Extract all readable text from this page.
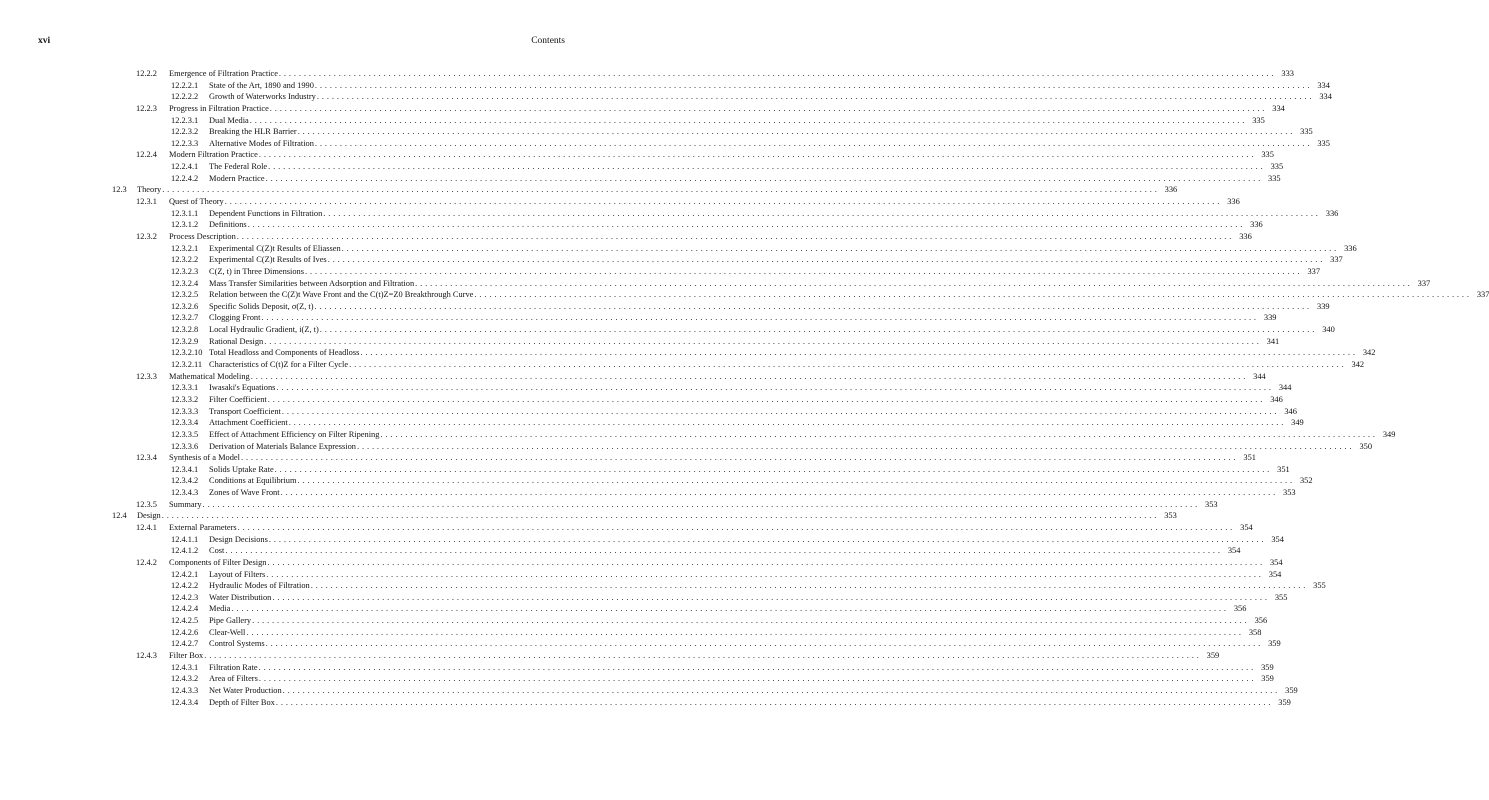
xvi	Contents
12.2.2 Emergence of Filtration Practice . . . . . . . . . . . . . . . . . . . . . . . . . . . . . . . . . . . . . . . . . . . . . . . . . . . . . . . . . . . . . . . . . . . . . . . . . . . . . . . . . . . . . . . . . . . . . . . . . . . . . . . . . . . . . . . . . . . . . . . . . . . . . . . . . . . . . . . . . . . . . . . . . . . . . . . . . . . . . . . . . . . . . . . . . . . . . . . . . . . . . . . . . . . . . . . . . . . . . . . . 333
12.2.2.1 State of the Art, 1890 and 1990 . . . . . . . . . . . . . . . . . . . . . . . . . . . . . . . . . . . . . . . . . . . . . . . . . . . . . . . . . . . . . . . . . . . . . . . . . . . . . . . . . . . . . . . . . . . . . . . . . . . . . . . . . . . . . . . . . . . . . . . . . . . . . . . . . . . . . . . . . . . . . . . . . . . . . . . . . . . . . . . . . . . . . . . . . . . . . . . . . . . . . . . . . . . . . . . . . . . . . . . . 334
12.2.2.2 Growth of Waterworks Industry . . . . . . . . . . . . . . . . . . . . . . . . . . . . . . . . . . . . . . . . . . . . . . . . . . . . . . . . . . . . . . . . . . . . . . . . . . . . . . . . . . . . . . . . . . . . . . . . . . . . . . . . . . . . . . . . . . . . . . . . . . . . . . . . . . . . . . . . . . . . . . . . . . . . . . . . . . . . . . . . . . . . . . . . . . . . . . . . . . . . . . . . . . . . . . . . . . . . . . . . 334
12.2.3 Progress in Filtration Practice . . . . . . . . . . . . . . . . . . . . . . . . . . . . . . . . . . . . . . . . . . . . . . . . . . . . . . . . . . . . . . . . . . . . . . . . . . . . . . . . . . . . . . . . . . . . . . . . . . . . . . . . . . . . . . . . . . . . . . . . . . . . . . . . . . . . . . . . . . . . . . . . . . . . . . . . . . . . . . . . . . . . . . . . . . . . . . . . . . . . . . . . . . . . . . . . . . . . . . . . 334
12.2.3.1 Dual Media . . . . . . . . . . . . . . . . . . . . . . . . . . . . . . . . . . . . . . . . . . . . . . . . . . . . . . . . . . . . . . . . . . . . . . . . . . . . . . . . . . . . . . . . . . . . . . . . . . . . . . . . . . . . . . . . . . . . . . . . . . . . . . . . . . . . . . . . . . . . . . . . . . . . . . . . . . . . . . . . . . . . . . . . . . . . . . . . . . . . . . . . . . . . . . . . . . . . . . . . 335
12.2.3.2 Breaking the HLR Barrier . . . . . . . . . . . . . . . . . . . . . . . . . . . . . . . . . . . . . . . . . . . . . . . . . . . . . . . . . . . . . . . . . . . . . . . . . . . . . . . . . . . . . . . . . . . . . . . . . . . . . . . . . . . . . . . . . . . . . . . . . . . . . . . . . . . . . . . . . . . . . . . . . . . . . . . . . . . . . . . . . . . . . . . . . . . . . . . . . . . . . . . . . . . . . . . . . . . . . . . . 335
12.2.3.3 Alternative Modes of Filtration . . . . . . . . . . . . . . . . . . . . . . . . . . . . . . . . . . . . . . . . . . . . . . . . . . . . . . . . . . . . . . . . . . . . . . . . . . . . . . . . . . . . . . . . . . . . . . . . . . . . . . . . . . . . . . . . . . . . . . . . . . . . . . . . . . . . . . . . . . . . . . . . . . . . . . . . . . . . . . . . . . . . . . . . . . . . . . . . . . . . . . . . . . . . . . . . . . . . . . . . 335
12.2.4 Modern Filtration Practice . . . . . . . . . . . . . . . . . . . . . . . . . . . . . . . . . . . . . . . . . . . . . . . . . . . . . . . . . . . . . . . . . . . . . . . . . . . . . . . . . . . . . . . . . . . . . . . . . . . . . . . . . . . . . . . . . . . . . . . . . . . . . . . . . . . . . . . . . . . . . . . . . . . . . . . . . . . . . . . . . . . . . . . . . . . . . . . . . . . . . . . . . . . . . . . . . . . . . . . . 335
12.2.4.1 The Federal Role . . . . . . . . . . . . . . . . . . . . . . . . . . . . . . . . . . . . . . . . . . . . . . . . . . . . . . . . . . . . . . . . . . . . . . . . . . . . . . . . . . . . . . . . . . . . . . . . . . . . . . . . . . . . . . . . . . . . . . . . . . . . . . . . . . . . . . . . . . . . . . . . . . . . . . . . . . . . . . . . . . . . . . . . . . . . . . . . . . . . . . . . . . . . . . . . . . . . . . . . 335
12.2.4.2 Modern Practice . . . . . . . . . . . . . . . . . . . . . . . . . . . . . . . . . . . . . . . . . . . . . . . . . . . . . . . . . . . . . . . . . . . . . . . . . . . . . . . . . . . . . . . . . . . . . . . . . . . . . . . . . . . . . . . . . . . . . . . . . . . . . . . . . . . . . . . . . . . . . . . . . . . . . . . . . . . . . . . . . . . . . . . . . . . . . . . . . . . . . . . . . . . . . . . . . . . . . . . . 335
12.3 Theory . . . . . . . . . . . . . . . . . . . . . . . . . . . . . . . . . . . . . . . . . . . . . . . . . . . . . . . . . . . . . . . . . . . . . . . . . . . . . . . . . . . . . . . . . . . . . . . . . . . . . . . . . . . . . . . . . . . . . . . . . . . . . . . . . . . . . . . . . . . . . . . . . . . . . . . . . . . . . . . . . . . . . . . . . . . . . . . . . . . . . . . . . . . . . . . . . . . . . . . . 336
12.3.1 Quest of Theory . . . . . . . . . . . . . . . . . . . . . . . . . . . . . . . . . . . . . . . . . . . . . . . . . . . . . . . . . . . . . . . . . . . . . . . . . . . . . . . . . . . . . . . . . . . . . . . . . . . . . . . . . . . . . . . . . . . . . . . . . . . . . . . . . . . . . . . . . . . . . . . . . . . . . . . . . . . . . . . . . . . . . . . . . . . . . . . . . . . . . . . . . . . . . . . . . . . . . . . . 336
12.3.1.1 Dependent Functions in Filtration . . . . . . . . . . . . . . . . . . . . . . . . . . . . . . . . . . . . . . . . . . . . . . . . . . . . . . . . . . . . . . . . . . . . . . . . . . . . . . . . . . . . . . . . . . . . . . . . . . . . . . . . . . . . . . . . . . . . . . . . . . . . . . . . . . . . . . . . . . . . . . . . . . . . . . . . . . . . . . . . . . . . . . . . . . . . . . . . . . . . . . . . . . . . . . . . . . . . . . . . 336
12.3.1.2 Definitions . . . . . . . . . . . . . . . . . . . . . . . . . . . . . . . . . . . . . . . . . . . . . . . . . . . . . . . . . . . . . . . . . . . . . . . . . . . . . . . . . . . . . . . . . . . . . . . . . . . . . . . . . . . . . . . . . . . . . . . . . . . . . . . . . . . . . . . . . . . . . . . . . . . . . . . . . . . . . . . . . . . . . . . . . . . . . . . . . . . . . . . . . . . . . . . . . . . . . . . . 336
12.3.2 Process Description . . . . . . . . . . . . . . . . . . . . . . . . . . . . . . . . . . . . . . . . . . . . . . . . . . . . . . . . . . . . . . . . . . . . . . . . . . . . . . . . . . . . . . . . . . . . . . . . . . . . . . . . . . . . . . . . . . . . . . . . . . . . . . . . . . . . . . . . . . . . . . . . . . . . . . . . . . . . . . . . . . . . . . . . . . . . . . . . . . . . . . . . . . . . . . . . . . . . . . . . 336
12.3.2.1 Experimental C(Z)t Results of Eliassen . . . . . . . . . . . . . . . . . . . . . . . . . . . . . . . . . . . . . . . . . . . . . . . . . . . . . . . . . . . . . . . . . . . . . . . . . . . . . . . . . . . . . . . . . . . . . . . . . . . . . . . . . . . . . . . . . . . . . . . . . . . . . . . . . . . . . . . . . . . . . . . . . . . . . . . . . . . . . . . . . . . . . . . . . . . . . . . . . . . . . . . . . . . . . . . . . . . . . . . . 336
12.3.2.2 Experimental C(Z)t Results of Ives . . . . . . . . . . . . . . . . . . . . . . . . . . . . . . . . . . . . . . . . . . . . . . . . . . . . . . . . . . . . . . . . . . . . . . . . . . . . . . . . . . . . . . . . . . . . . . . . . . . . . . . . . . . . . . . . . . . . . . . . . . . . . . . . . . . . . . . . . . . . . . . . . . . . . . . . . . . . . . . . . . . . . . . . . . . . . . . . . . . . . . . . . . . . . . . . . . . . . . . . 337
12.3.2.3 C(Z, t) in Three Dimensions . . . . . . . . . . . . . . . . . . . . . . . . . . . . . . . . . . . . . . . . . . . . . . . . . . . . . . . . . . . . . . . . . . . . . . . . . . . . . . . . . . . . . . . . . . . . . . . . . . . . . . . . . . . . . . . . . . . . . . . . . . . . . . . . . . . . . . . . . . . . . . . . . . . . . . . . . . . . . . . . . . . . . . . . . . . . . . . . . . . . . . . . . . . . . . . . . . . . . . . . 337
12.3.2.4 Mass Transfer Similarities between Adsorption and Filtration . . . . . . . . . . . . . . . . . . . . . . . . . . . . . . . . . . . . . . . . . . . . . . . . . . . . . . . . . . . . . . . . . . . . . . . . . . . . . . . . . . . . . . . . . . . . . . . . . . . . . . . . . . . . . . . . . . . . . . . . . . . . . . . . . . . . . . . . . . . . . . . . . . . . . . . . . . . . . . . . . . . . . . . . . . . . . . . . . . . . . . . . . . . . . . . . . . . . . . . . 337
12.3.2.5 Relation between the C(Z)t Wave Front and the C(t)Z=Z0 Breakthrough Curve . . . . . . . . . . . . . . . . . . . . . . . . . . . . . . . . . . . . . . . . . . . . . . . . . . . . . . . . . . . . . . . . . . . . . . . . . . . . . . . . . . . . . . . . . . . . . . . . . . . . . . . . . . . . . . . . . . . . . . . . . . . . . . . . . . . . . . . . . . . . . . . . . . . . . . . . . . . . . . . . . . . . . . . . . . . . . . . . . . . . . . . . . . . . . . . . . . . . . . . . 337
12.3.2.6 Specific Solids Deposit, σ(Z, t) . . . . . . . . . . . . . . . . . . . . . . . . . . . . . . . . . . . . . . . . . . . . . . . . . . . . . . . . . . . . . . . . . . . . . . . . . . . . . . . . . . . . . . . . . . . . . . . . . . . . . . . . . . . . . . . . . . . . . . . . . . . . . . . . . . . . . . . . . . . . . . . . . . . . . . . . . . . . . . . . . . . . . . . . . . . . . . . . . . . . . . . . . . . . . . . . . . . . . . . . 339
12.3.2.7 Clogging Front . . . . . . . . . . . . . . . . . . . . . . . . . . . . . . . . . . . . . . . . . . . . . . . . . . . . . . . . . . . . . . . . . . . . . . . . . . . . . . . . . . . . . . . . . . . . . . . . . . . . . . . . . . . . . . . . . . . . . . . . . . . . . . . . . . . . . . . . . . . . . . . . . . . . . . . . . . . . . . . . . . . . . . . . . . . . . . . . . . . . . . . . . . . . . . . . . . . . . . . . 339
12.3.2.8 Local Hydraulic Gradient, i(Z, t) . . . . . . . . . . . . . . . . . . . . . . . . . . . . . . . . . . . . . . . . . . . . . . . . . . . . . . . . . . . . . . . . . . . . . . . . . . . . . . . . . . . . . . . . . . . . . . . . . . . . . . . . . . . . . . . . . . . . . . . . . . . . . . . . . . . . . . . . . . . . . . . . . . . . . . . . . . . . . . . . . . . . . . . . . . . . . . . . . . . . . . . . . . . . . . . . . . . . . . . . 340
12.3.2.9 Rational Design . . . . . . . . . . . . . . . . . . . . . . . . . . . . . . . . . . . . . . . . . . . . . . . . . . . . . . . . . . . . . . . . . . . . . . . . . . . . . . . . . . . . . . . . . . . . . . . . . . . . . . . . . . . . . . . . . . . . . . . . . . . . . . . . . . . . . . . . . . . . . . . . . . . . . . . . . . . . . . . . . . . . . . . . . . . . . . . . . . . . . . . . . . . . . . . . . . . . . . . . 341
12.3.2.10 Total Headloss and Components of Headloss . . . . . . . . . . . . . . . . . . . . . . . . . . . . . . . . . . . . . . . . . . . . . . . . . . . . . . . . . . . . . . . . . . . . . . . . . . . . . . . . . . . . . . . . . . . . . . . . . . . . . . . . . . . . . . . . . . . . . . . . . . . . . . . . . . . . . . . . . . . . . . . . . . . . . . . . . . . . . . . . . . . . . . . . . . . . . . . . . . . . . . . . . . . . . . . . . . . . . . . . 342
12.3.2.11 Characteristics of C(t)Z for a Filter Cycle . . . . . . . . . . . . . . . . . . . . . . . . . . . . . . . . . . . . . . . . . . . . . . . . . . . . . . . . . . . . . . . . . . . . . . . . . . . . . . . . . . . . . . . . . . . . . . . . . . . . . . . . . . . . . . . . . . . . . . . . . . . . . . . . . . . . . . . . . . . . . . . . . . . . . . . . . . . . . . . . . . . . . . . . . . . . . . . . . . . . . . . . . . . . . . . . . . . . . . . . 342
12.3.3 Mathematical Modeling . . . . . . . . . . . . . . . . . . . . . . . . . . . . . . . . . . . . . . . . . . . . . . . . . . . . . . . . . . . . . . . . . . . . . . . . . . . . . . . . . . . . . . . . . . . . . . . . . . . . . . . . . . . . . . . . . . . . . . . . . . . . . . . . . . . . . . . . . . . . . . . . . . . . . . . . . . . . . . . . . . . . . . . . . . . . . . . . . . . . . . . . . . . . . . . . . . . . . . . . 344
12.3.3.1 Iwasaki's Equations . . . . . . . . . . . . . . . . . . . . . . . . . . . . . . . . . . . . . . . . . . . . . . . . . . . . . . . . . . . . . . . . . . . . . . . . . . . . . . . . . . . . . . . . . . . . . . . . . . . . . . . . . . . . . . . . . . . . . . . . . . . . . . . . . . . . . . . . . . . . . . . . . . . . . . . . . . . . . . . . . . . . . . . . . . . . . . . . . . . . . . . . . . . . . . . . . . . . . . . . 344
12.3.3.2 Filter Coefficient . . . . . . . . . . . . . . . . . . . . . . . . . . . . . . . . . . . . . . . . . . . . . . . . . . . . . . . . . . . . . . . . . . . . . . . . . . . . . . . . . . . . . . . . . . . . . . . . . . . . . . . . . . . . . . . . . . . . . . . . . . . . . . . . . . . . . . . . . . . . . . . . . . . . . . . . . . . . . . . . . . . . . . . . . . . . . . . . . . . . . . . . . . . . . . . . . . . . . . . . 346
12.3.3.3 Transport Coefficient . . . . . . . . . . . . . . . . . . . . . . . . . . . . . . . . . . . . . . . . . . . . . . . . . . . . . . . . . . . . . . . . . . . . . . . . . . . . . . . . . . . . . . . . . . . . . . . . . . . . . . . . . . . . . . . . . . . . . . . . . . . . . . . . . . . . . . . . . . . . . . . . . . . . . . . . . . . . . . . . . . . . . . . . . . . . . . . . . . . . . . . . . . . . . . . . . . . . . . . . 346
12.3.3.4 Attachment Coefficient . . . . . . . . . . . . . . . . . . . . . . . . . . . . . . . . . . . . . . . . . . . . . . . . . . . . . . . . . . . . . . . . . . . . . . . . . . . . . . . . . . . . . . . . . . . . . . . . . . . . . . . . . . . . . . . . . . . . . . . . . . . . . . . . . . . . . . . . . . . . . . . . . . . . . . . . . . . . . . . . . . . . . . . . . . . . . . . . . . . . . . . . . . . . . . . . . . . . . . . . 349
12.3.3.5 Effect of Attachment Efficiency on Filter Ripening . . . . . . . . . . . . . . . . . . . . . . . . . . . . . . . . . . . . . . . . . . . . . . . . . . . . . . . . . . . . . . . . . . . . . . . . . . . . . . . . . . . . . . . . . . . . . . . . . . . . . . . . . . . . . . . . . . . . . . . . . . . . . . . . . . . . . . . . . . . . . . . . . . . . . . . . . . . . . . . . . . . . . . . . . . . . . . . . . . . . . . . . . . . . . . . . . . . . . . . . 349
12.3.3.6 Derivation of Materials Balance Expression . . . . . . . . . . . . . . . . . . . . . . . . . . . . . . . . . . . . . . . . . . . . . . . . . . . . . . . . . . . . . . . . . . . . . . . . . . . . . . . . . . . . . . . . . . . . . . . . . . . . . . . . . . . . . . . . . . . . . . . . . . . . . . . . . . . . . . . . . . . . . . . . . . . . . . . . . . . . . . . . . . . . . . . . . . . . . . . . . . . . . . . . . . . . . . . . . . . . . . . . 350
12.3.4 Synthesis of a Model . . . . . . . . . . . . . . . . . . . . . . . . . . . . . . . . . . . . . . . . . . . . . . . . . . . . . . . . . . . . . . . . . . . . . . . . . . . . . . . . . . . . . . . . . . . . . . . . . . . . . . . . . . . . . . . . . . . . . . . . . . . . . . . . . . . . . . . . . . . . . . . . . . . . . . . . . . . . . . . . . . . . . . . . . . . . . . . . . . . . . . . . . . . . . . . . . . . . . . . . 351
12.3.4.1 Solids Uptake Rate . . . . . . . . . . . . . . . . . . . . . . . . . . . . . . . . . . . . . . . . . . . . . . . . . . . . . . . . . . . . . . . . . . . . . . . . . . . . . . . . . . . . . . . . . . . . . . . . . . . . . . . . . . . . . . . . . . . . . . . . . . . . . . . . . . . . . . . . . . . . . . . . . . . . . . . . . . . . . . . . . . . . . . . . . . . . . . . . . . . . . . . . . . . . . . . . . . . . . . . . 351
12.3.4.2 Conditions at Equilibrium . . . . . . . . . . . . . . . . . . . . . . . . . . . . . . . . . . . . . . . . . . . . . . . . . . . . . . . . . . . . . . . . . . . . . . . . . . . . . . . . . . . . . . . . . . . . . . . . . . . . . . . . . . . . . . . . . . . . . . . . . . . . . . . . . . . . . . . . . . . . . . . . . . . . . . . . . . . . . . . . . . . . . . . . . . . . . . . . . . . . . . . . . . . . . . . . . . . . . . . . 352
12.3.4.3 Zones of Wave Front . . . . . . . . . . . . . . . . . . . . . . . . . . . . . . . . . . . . . . . . . . . . . . . . . . . . . . . . . . . . . . . . . . . . . . . . . . . . . . . . . . . . . . . . . . . . . . . . . . . . . . . . . . . . . . . . . . . . . . . . . . . . . . . . . . . . . . . . . . . . . . . . . . . . . . . . . . . . . . . . . . . . . . . . . . . . . . . . . . . . . . . . . . . . . . . . . . . . . . . . 353
12.3.5 Summary . . . . . . . . . . . . . . . . . . . . . . . . . . . . . . . . . . . . . . . . . . . . . . . . . . . . . . . . . . . . . . . . . . . . . . . . . . . . . . . . . . . . . . . . . . . . . . . . . . . . . . . . . . . . . . . . . . . . . . . . . . . . . . . . . . . . . . . . . . . . . . . . . . . . . . . . . . . . . . . . . . . . . . . . . . . . . . . . . . . . . . . . . . . . . . . . . . . . . . . . 353
12.4 Design . . . . . . . . . . . . . . . . . . . . . . . . . . . . . . . . . . . . . . . . . . . . . . . . . . . . . . . . . . . . . . . . . . . . . . . . . . . . . . . . . . . . . . . . . . . . . . . . . . . . . . . . . . . . . . . . . . . . . . . . . . . . . . . . . . . . . . . . . . . . . . . . . . . . . . . . . . . . . . . . . . . . . . . . . . . . . . . . . . . . . . . . . . . . . . . . . . . . . . . . 353
12.4.1 External Parameters . . . . . . . . . . . . . . . . . . . . . . . . . . . . . . . . . . . . . . . . . . . . . . . . . . . . . . . . . . . . . . . . . . . . . . . . . . . . . . . . . . . . . . . . . . . . . . . . . . . . . . . . . . . . . . . . . . . . . . . . . . . . . . . . . . . . . . . . . . . . . . . . . . . . . . . . . . . . . . . . . . . . . . . . . . . . . . . . . . . . . . . . . . . . . . . . . . . . . . . . 354
12.4.1.1 Design Decisions . . . . . . . . . . . . . . . . . . . . . . . . . . . . . . . . . . . . . . . . . . . . . . . . . . . . . . . . . . . . . . . . . . . . . . . . . . . . . . . . . . . . . . . . . . . . . . . . . . . . . . . . . . . . . . . . . . . . . . . . . . . . . . . . . . . . . . . . . . . . . . . . . . . . . . . . . . . . . . . . . . . . . . . . . . . . . . . . . . . . . . . . . . . . . . . . . . . . . . . . 354
12.4.1.2 Cost . . . . . . . . . . . . . . . . . . . . . . . . . . . . . . . . . . . . . . . . . . . . . . . . . . . . . . . . . . . . . . . . . . . . . . . . . . . . . . . . . . . . . . . . . . . . . . . . . . . . . . . . . . . . . . . . . . . . . . . . . . . . . . . . . . . . . . . . . . . . . . . . . . . . . . . . . . . . . . . . . . . . . . . . . . . . . . . . . . . . . . . . . . . . . . . . . . . . . . . . 354
12.4.2 Components of Filter Design . . . . . . . . . . . . . . . . . . . . . . . . . . . . . . . . . . . . . . . . . . . . . . . . . . . . . . . . . . . . . . . . . . . . . . . . . . . . . . . . . . . . . . . . . . . . . . . . . . . . . . . . . . . . . . . . . . . . . . . . . . . . . . . . . . . . . . . . . . . . . . . . . . . . . . . . . . . . . . . . . . . . . . . . . . . . . . . . . . . . . . . . . . . . . . . . . . . . . . . . 354
12.4.2.1 Layout of Filters . . . . . . . . . . . . . . . . . . . . . . . . . . . . . . . . . . . . . . . . . . . . . . . . . . . . . . . . . . . . . . . . . . . . . . . . . . . . . . . . . . . . . . . . . . . . . . . . . . . . . . . . . . . . . . . . . . . . . . . . . . . . . . . . . . . . . . . . . . . . . . . . . . . . . . . . . . . . . . . . . . . . . . . . . . . . . . . . . . . . . . . . . . . . . . . . . . . . . . . . 354
12.4.2.2 Hydraulic Modes of Filtration . . . . . . . . . . . . . . . . . . . . . . . . . . . . . . . . . . . . . . . . . . . . . . . . . . . . . . . . . . . . . . . . . . . . . . . . . . . . . . . . . . . . . . . . . . . . . . . . . . . . . . . . . . . . . . . . . . . . . . . . . . . . . . . . . . . . . . . . . . . . . . . . . . . . . . . . . . . . . . . . . . . . . . . . . . . . . . . . . . . . . . . . . . . . . . . . . . . . . . . . 355
12.4.2.3 Water Distribution . . . . . . . . . . . . . . . . . . . . . . . . . . . . . . . . . . . . . . . . . . . . . . . . . . . . . . . . . . . . . . . . . . . . . . . . . . . . . . . . . . . . . . . . . . . . . . . . . . . . . . . . . . . . . . . . . . . . . . . . . . . . . . . . . . . . . . . . . . . . . . . . . . . . . . . . . . . . . . . . . . . . . . . . . . . . . . . . . . . . . . . . . . . . . . . . . . . . . . . . 355
12.4.2.4 Media . . . . . . . . . . . . . . . . . . . . . . . . . . . . . . . . . . . . . . . . . . . . . . . . . . . . . . . . . . . . . . . . . . . . . . . . . . . . . . . . . . . . . . . . . . . . . . . . . . . . . . . . . . . . . . . . . . . . . . . . . . . . . . . . . . . . . . . . . . . . . . . . . . . . . . . . . . . . . . . . . . . . . . . . . . . . . . . . . . . . . . . . . . . . . . . . . . . . . . . . 356
12.4.2.5 Pipe Gallery . . . . . . . . . . . . . . . . . . . . . . . . . . . . . . . . . . . . . . . . . . . . . . . . . . . . . . . . . . . . . . . . . . . . . . . . . . . . . . . . . . . . . . . . . . . . . . . . . . . . . . . . . . . . . . . . . . . . . . . . . . . . . . . . . . . . . . . . . . . . . . . . . . . . . . . . . . . . . . . . . . . . . . . . . . . . . . . . . . . . . . . . . . . . . . . . . . . . . . . . 356
12.4.2.6 Clear-Well . . . . . . . . . . . . . . . . . . . . . . . . . . . . . . . . . . . . . . . . . . . . . . . . . . . . . . . . . . . . . . . . . . . . . . . . . . . . . . . . . . . . . . . . . . . . . . . . . . . . . . . . . . . . . . . . . . . . . . . . . . . . . . . . . . . . . . . . . . . . . . . . . . . . . . . . . . . . . . . . . . . . . . . . . . . . . . . . . . . . . . . . . . . . . . . . . . . . . . . . 358
12.4.2.7 Control Systems . . . . . . . . . . . . . . . . . . . . . . . . . . . . . . . . . . . . . . . . . . . . . . . . . . . . . . . . . . . . . . . . . . . . . . . . . . . . . . . . . . . . . . . . . . . . . . . . . . . . . . . . . . . . . . . . . . . . . . . . . . . . . . . . . . . . . . . . . . . . . . . . . . . . . . . . . . . . . . . . . . . . . . . . . . . . . . . . . . . . . . . . . . . . . . . . . . . . . . . . 359
12.4.3 Filter Box . . . . . . . . . . . . . . . . . . . . . . . . . . . . . . . . . . . . . . . . . . . . . . . . . . . . . . . . . . . . . . . . . . . . . . . . . . . . . . . . . . . . . . . . . . . . . . . . . . . . . . . . . . . . . . . . . . . . . . . . . . . . . . . . . . . . . . . . . . . . . . . . . . . . . . . . . . . . . . . . . . . . . . . . . . . . . . . . . . . . . . . . . . . . . . . . . . . . . . . . 359
12.4.3.1 Filtration Rate . . . . . . . . . . . . . . . . . . . . . . . . . . . . . . . . . . . . . . . . . . . . . . . . . . . . . . . . . . . . . . . . . . . . . . . . . . . . . . . . . . . . . . . . . . . . . . . . . . . . . . . . . . . . . . . . . . . . . . . . . . . . . . . . . . . . . . . . . . . . . . . . . . . . . . . . . . . . . . . . . . . . . . . . . . . . . . . . . . . . . . . . . . . . . . . . . . . . . . . . 359
12.4.3.2 Area of Filters . . . . . . . . . . . . . . . . . . . . . . . . . . . . . . . . . . . . . . . . . . . . . . . . . . . . . . . . . . . . . . . . . . . . . . . . . . . . . . . . . . . . . . . . . . . . . . . . . . . . . . . . . . . . . . . . . . . . . . . . . . . . . . . . . . . . . . . . . . . . . . . . . . . . . . . . . . . . . . . . . . . . . . . . . . . . . . . . . . . . . . . . . . . . . . . . . . . . . . . . 359
12.4.3.3 Net Water Production . . . . . . . . . . . . . . . . . . . . . . . . . . . . . . . . . . . . . . . . . . . . . . . . . . . . . . . . . . . . . . . . . . . . . . . . . . . . . . . . . . . . . . . . . . . . . . . . . . . . . . . . . . . . . . . . . . . . . . . . . . . . . . . . . . . . . . . . . . . . . . . . . . . . . . . . . . . . . . . . . . . . . . . . . . . . . . . . . . . . . . . . . . . . . . . . . . . . . . . . 359
12.4.3.4 Depth of Filter Box . . . . . . . . . . . . . . . . . . . . . . . . . . . . . . . . . . . . . . . . . . . . . . . . . . . . . . . . . . . . . . . . . . . . . . . . . . . . . . . . . . . . . . . . . . . . . . . . . . . . . . . . . . . . . . . . . . . . . . . . . . . . . . . . . . . . . . . . . . . . . . . . . . . . . . . . . . . . . . . . . . . . . . . . . . . . . . . . . . . . . . . . . . . . . . . . . . . . . . . . 359
